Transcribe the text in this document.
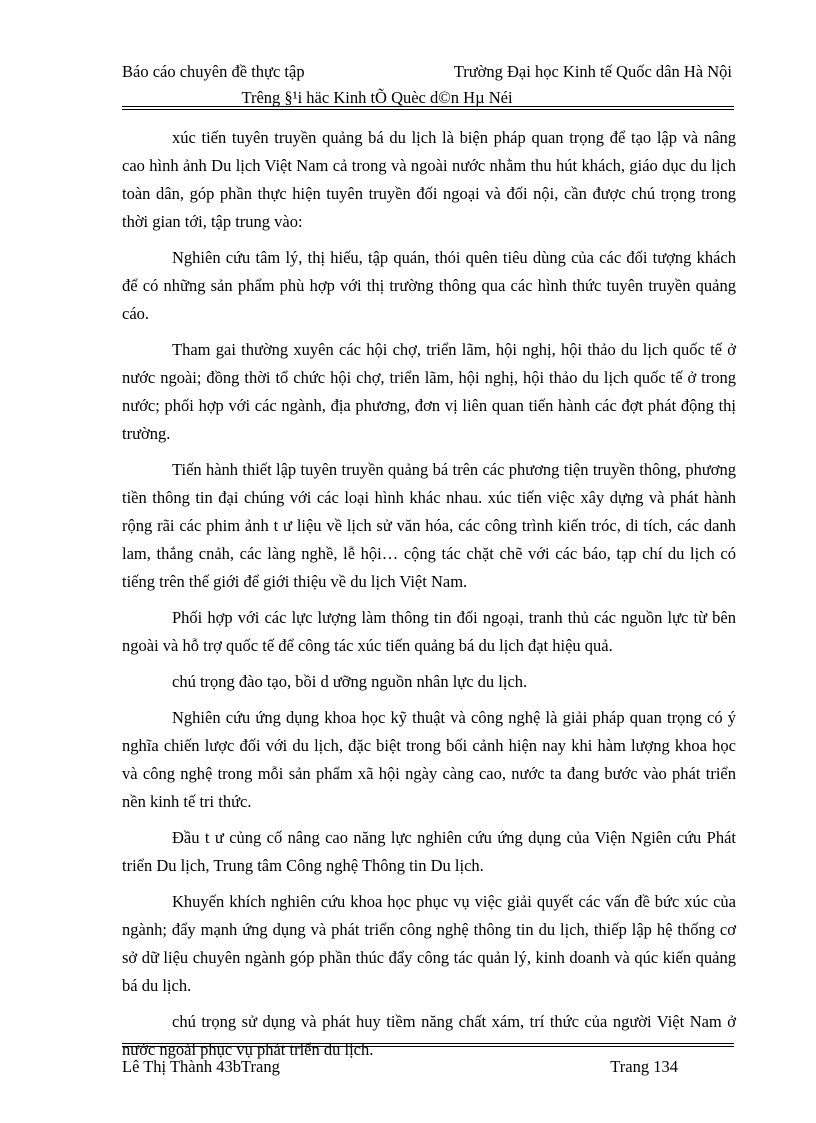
Báo cáo chuyên đề thực tập	Trường Đại học Kinh tế Quốc dân Hà Nội
Trêng §¹i häc Kinh tÕ Quèc d©n Hµ Néi

xúc tiến tuyên truyền quảng bá du lịch là biện pháp quan trọng để tạo lập và nâng cao hình ảnh Du lịch Việt Nam cả trong và ngoài nước nhằm thu hút khách, giáo dục du lịch toàn dân, góp phần thực hiện tuyên truyền đối ngoại và đối nội, cần được chú trọng trong thời gian tới, tập trung vào:

Nghiên cứu tâm lý, thị hiếu, tập quán, thói quên tiêu dùng của các đối tượng khách để có những sản phẩm phù hợp với thị trường thông qua các hình thức tuyên truyền quảng cáo.

Tham gai thường xuyên các hội chợ, triển lãm, hội nghị, hội thảo du lịch quốc tế ở nước ngoài; đồng thời tổ chức hội chợ, triển lãm, hội nghị, hội thảo du lịch quốc tế ở trong nước; phối hợp với các ngành, địa phương, đơn vị liên quan tiến hành các đợt phát động thị trường.

Tiến hành thiết lập tuyên truyền quảng bá trên các phương tiện truyền thông, phương tiền thông tin đại chúng với các loại hình khác nhau. xúc tiến việc xây dựng và phát hành rộng rãi các phim ảnh t ư liệu về lịch sử văn hóa, các công trình kiến tróc, di tích, các danh lam, thắng cnảh, các làng nghề, lễ hội… cộng tác chặt chẽ với các báo, tạp chí du lịch có tiếng trên thế giới để giới thiệu về du lịch Việt Nam.

Phối hợp với các lực lượng làm thông tin đối ngoại, tranh thủ các nguồn lực từ bên ngoài và hỗ trợ quốc tế để công tác xúc tiến quảng bá du lịch đạt hiệu quả.

chú trọng đào tạo, bồi d ưỡng nguồn nhân lực du lịch.

Nghiên cứu ứng dụng khoa học kỹ thuật và công nghệ là giải pháp quan trọng có ý nghĩa chiến lược đối với du lịch, đặc biệt trong bối cảnh hiện nay khi hàm lượng khoa học và công nghệ trong mỗi sản phẩm xã hội ngày càng cao, nước ta đang bước vào phát triển nền kinh tế tri thức.

Đầu t ư củng cố nâng cao năng lực nghiên cứu ứng dụng của Viện Ngiên cứu Phát triển Du lịch, Trung tâm Công nghệ Thông tin Du lịch.

Khuyến khích nghiên cứu khoa học phục vụ việc giải quyết các vấn đề bức xúc của ngành; đẩy mạnh ứng dụng và phát triển công nghệ thông tin du lịch, thiếp lập hệ thống cơ sở dữ liệu chuyên ngành góp phần thúc đẩy công tác quản lý, kinh doanh và qúc kiến quảng bá du lịch.

chú trọng sử dụng và phát huy tiềm năng chất xám, trí thức của người Việt Nam ở nước ngoài phục vụ phát triển du lịch.

Lê Thị Thành 43bTrang	Trang 134
